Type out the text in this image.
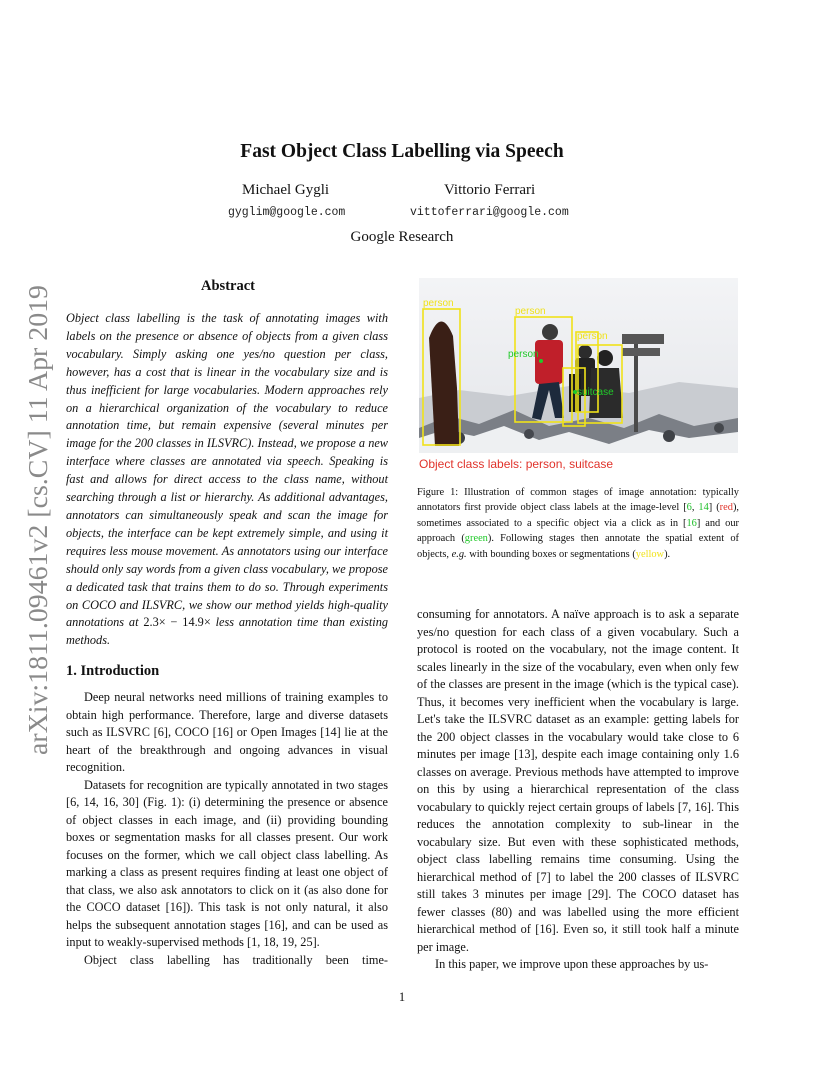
arXiv:1811.09461v2 [cs.CV] 11 Apr 2019
Fast Object Class Labelling via Speech
Michael Gygli
gyglim@google.com
Vittorio Ferrari
vittoferrari@google.com
Google Research
Abstract
Object class labelling is the task of annotating images with labels on the presence or absence of objects from a given class vocabulary. Simply asking one yes/no question per class, however, has a cost that is linear in the vocabulary size and is thus inefficient for large vocabularies. Modern approaches rely on a hierarchical organization of the vocabulary to reduce annotation time, but remain expensive (several minutes per image for the 200 classes in ILSVRC). Instead, we propose a new interface where classes are annotated via speech. Speaking is fast and allows for direct access to the class name, without searching through a list or hierarchy. As additional advantages, annotators can simultaneously speak and scan the image for objects, the interface can be kept extremely simple, and using it requires less mouse movement. As annotators using our interface should only say words from a given class vocabulary, we propose a dedicated task that trains them to do so. Through experiments on COCO and ILSVRC, we show our method yields high-quality annotations at 2.3× − 14.9× less annotation time than existing methods.
person
person
person
person
suitcase
Object class labels: person, suitcase
Figure 1: Illustration of common stages of image annotation: typically annotators first provide object class labels at the image-level [6, 14] (red), sometimes associated to a specific object via a click as in [16] and our approach (green). Following stages then annotate the spatial extent of objects, e.g. with bounding boxes or segmentations (yellow).
1. Introduction

Deep neural networks need millions of training examples to obtain high performance. Therefore, large and diverse datasets such as ILSVRC [6], COCO [16] or Open Images [14] lie at the heart of the breakthrough and ongoing advances in visual recognition.

Datasets for recognition are typically annotated in two stages [6, 14, 16, 30] (Fig. 1): (i) determining the presence or absence of object classes in each image, and (ii) providing bounding boxes or segmentation masks for all classes present. Our work focuses on the former, which we call object class labelling. As marking a class as present requires finding at least one object of that class, we also ask annotators to click on it (as also done for the COCO dataset [16]). This task is not only natural, it also helps the subsequent annotation stages [16], and can be used as input to weakly-supervised methods [1, 18, 19, 25].

Object class labelling has traditionally been time-

consuming for annotators. A naïve approach is to ask a separate yes/no question for each class of a given vocabulary. Such a protocol is rooted on the vocabulary, not the image content. It scales linearly in the size of the vocabulary, even when only few of the classes are present in the image (which is the typical case). Thus, it becomes very inefficient when the vocabulary is large. Let's take the ILSVRC dataset as an example: getting labels for the 200 object classes in the vocabulary would take close to 6 minutes per image [13], despite each image containing only 1.6 classes on average. Previous methods have attempted to improve on this by using a hierarchical representation of the class vocabulary to quickly reject certain groups of labels [7, 16]. This reduces the annotation complexity to sub-linear in the vocabulary size. But even with these sophisticated methods, object class labelling remains time consuming. Using the hierarchical method of [7] to label the 200 classes of ILSVRC still takes 3 minutes per image [29]. The COCO dataset has fewer classes (80) and was labelled using the more efficient hierarchical method of [16]. Even so, it still took half a minute per image.

In this paper, we improve upon these approaches by us-

1
